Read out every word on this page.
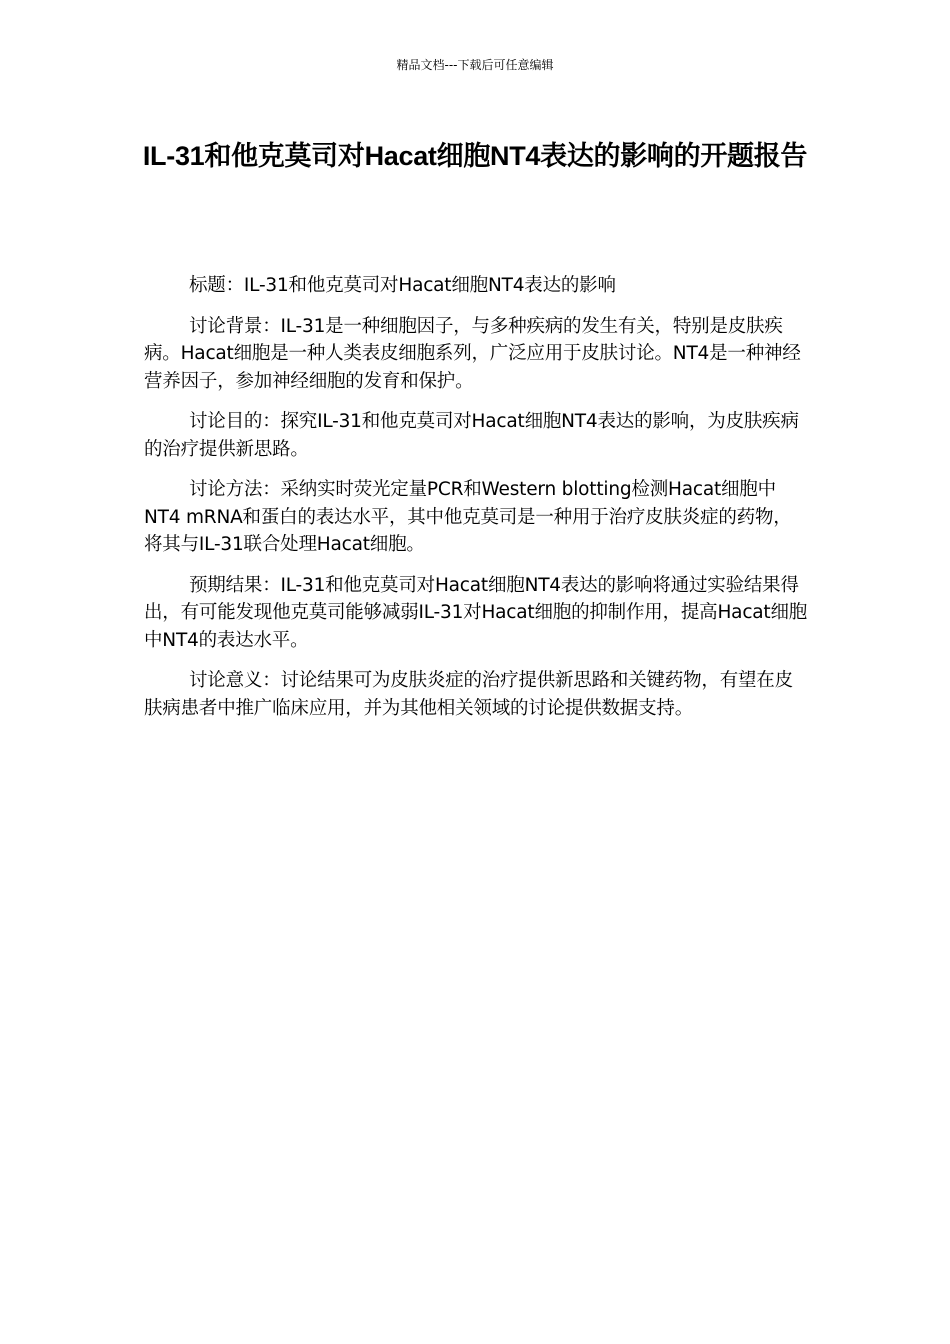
精品文档---下载后可任意编辑
IL-31和他克莫司对Hacat细胞NT4表达的影响的开题报告

标题：IL-31和他克莫司对Hacat细胞NT4表达的影响

讨论背景：IL-31是一种细胞因子，与多种疾病的发生有关，特别是皮肤疾病。Hacat细胞是一种人类表皮细胞系列，广泛应用于皮肤讨论。NT4是一种神经营养因子，参加神经细胞的发育和保护。

讨论目的：探究IL-31和他克莫司对Hacat细胞NT4表达的影响，为皮肤疾病的治疗提供新思路。

讨论方法：采纳实时荧光定量PCR和Western blotting检测Hacat细胞中NT4 mRNA和蛋白的表达水平，其中他克莫司是一种用于治疗皮肤炎症的药物，将其与IL-31联合处理Hacat细胞。

预期结果：IL-31和他克莫司对Hacat细胞NT4表达的影响将通过实验结果得出，有可能发现他克莫司能够减弱IL-31对Hacat细胞的抑制作用，提高Hacat细胞中NT4的表达水平。

讨论意义：讨论结果可为皮肤炎症的治疗提供新思路和关键药物，有望在皮肤病患者中推广临床应用，并为其他相关领域的讨论提供数据支持。
